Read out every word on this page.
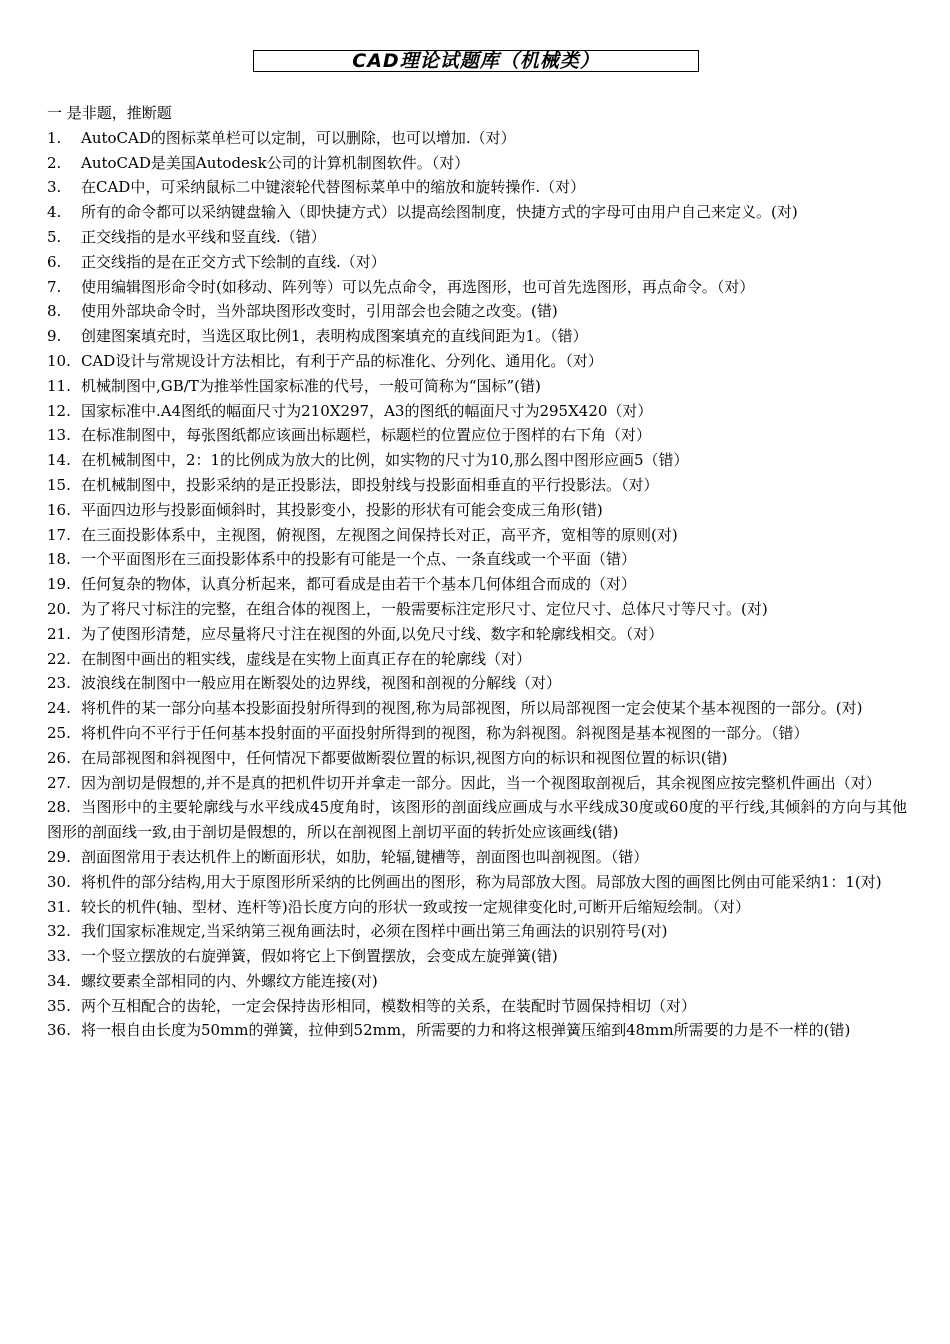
CAD理论试题库（机械类）

一 是非题，推断题

1. AutoCAD的图标菜单栏可以定制，可以删除，也可以增加.（对）

2. AutoCAD是美国Autodesk公司的计算机制图软件。（对）

3. 在CAD中，可采纳鼠标二中键滚轮代替图标菜单中的缩放和旋转操作.（对）

4. 所有的命令都可以采纳键盘输入（即快捷方式）以提高绘图制度，快捷方式的字母可由用户自己来定义。(对)

5. 正交线指的是水平线和竖直线.（错）

6. 正交线指的是在正交方式下绘制的直线.（对）

7. 使用编辑图形命令时(如移动、阵列等）可以先点命令，再选图形，也可首先选图形，再点命令。（对）

8. 使用外部块命令时，当外部块图形改变时，引用部会也会随之改变。(错)

9. 创建图案填充时，当选区取比例1，表明构成图案填充的直线间距为1。（错）

10. CAD设计与常规设计方法相比，有利于产品的标准化、分列化、通用化。（对）

11. 机械制图中,GB/T为推举性国家标准的代号，一般可简称为“国标”(错)

12. 国家标准中.A4图纸的幅面尺寸为210X297，A3的图纸的幅面尺寸为295X420（对）

13. 在标准制图中，每张图纸都应该画出标题栏，标题栏的位置应位于图样的右下角（对）

14. 在机械制图中，2：1的比例成为放大的比例，如实物的尺寸为10,那么图中图形应画5（错）

15. 在机械制图中，投影采纳的是正投影法，即投射线与投影面相垂直的平行投影法。（对）

16. 平面四边形与投影面倾斜时，其投影变小，投影的形状有可能会变成三角形(错)

17. 在三面投影体系中，主视图，俯视图，左视图之间保持长对正，高平齐，宽相等的原则(对)

18. 一个平面图形在三面投影体系中的投影有可能是一个点、一条直线或一个平面（错）

19. 任何复杂的物体，认真分析起来，都可看成是由若干个基本几何体组合而成的（对）

20. 为了将尺寸标注的完整，在组合体的视图上，一般需要标注定形尺寸、定位尺寸、总体尺寸等尺寸。(对)

21. 为了使图形清楚，应尽量将尺寸注在视图的外面,以免尺寸线、数字和轮廓线相交。（对）

22. 在制图中画出的粗实线，虚线是在实物上面真正存在的轮廓线（对）

23. 波浪线在制图中一般应用在断裂处的边界线，视图和剖视的分解线（对）

24. 将机件的某一部分向基本投影面投射所得到的视图,称为局部视图，所以局部视图一定会使某个基本视图的一部分。(对)

25. 将机件向不平行于任何基本投射面的平面投射所得到的视图，称为斜视图。斜视图是基本视图的一部分。（错）

26. 在局部视图和斜视图中，任何情况下都要做断裂位置的标识,视图方向的标识和视图位置的标识(错)

27. 因为剖切是假想的,并不是真的把机件切开并拿走一部分。因此，当一个视图取剖视后，其余视图应按完整机件画出（对）

28. 当图形中的主要轮廓线与水平线成45度角时，该图形的剖面线应画成与水平线成30度或60度的平行线,其倾斜的方向与其他图形的剖面线一致,由于剖切是假想的，所以在剖视图上剖切平面的转折处应该画线(错)

29. 剖面图常用于表达机件上的断面形状，如肋，轮辐,键槽等，剖面图也叫剖视图。（错）

30. 将机件的部分结构,用大于原图形所采纳的比例画出的图形，称为局部放大图。局部放大图的画图比例由可能采纳1：1(对)

31. 较长的机件(轴、型材、连杆等)沿长度方向的形状一致或按一定规律变化时,可断开后缩短绘制。（对）

32. 我们国家标准规定,当采纳第三视角画法时，必须在图样中画出第三角画法的识别符号(对)

33. 一个竖立摆放的右旋弹簧，假如将它上下倒置摆放，会变成左旋弹簧(错)

34. 螺纹要素全部相同的内、外螺纹方能连接(对)

35. 两个互相配合的齿轮，一定会保持齿形相同，模数相等的关系，在装配时节圆保持相切（对）

36. 将一根自由长度为50mm的弹簧，拉伸到52mm，所需要的力和将这根弹簧压缩到48mm所需要的力是不一样的(错)
